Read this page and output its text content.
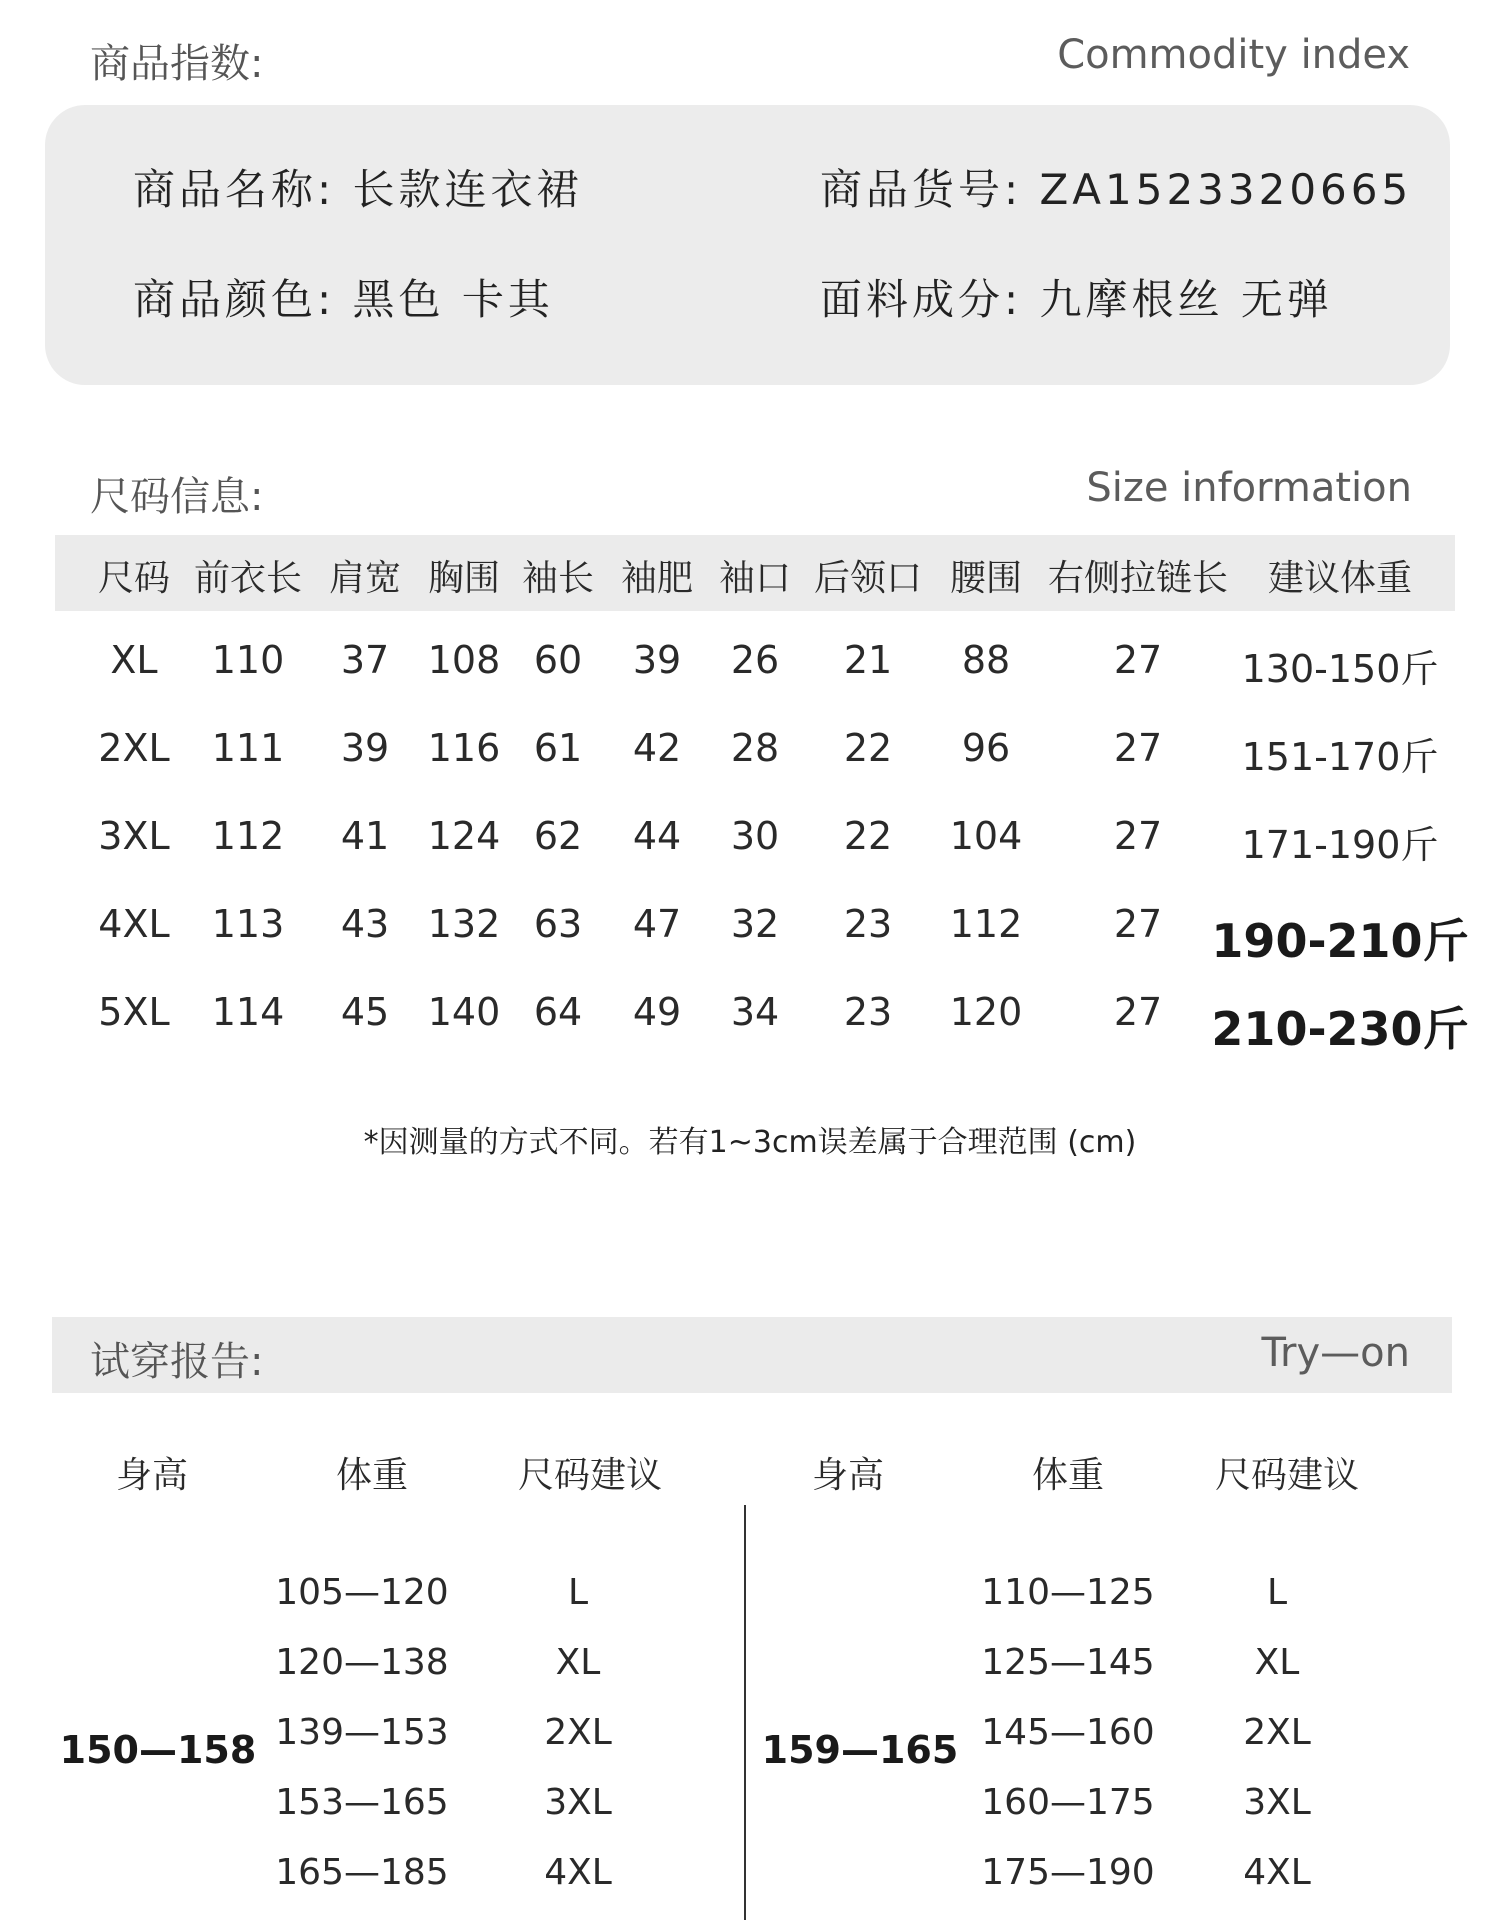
商品指数:	Commodity index
商品名称: 长款连衣裙	商品货号: ZA1523320665
商品颜色: 黑色 卡其	面料成分: 九摩根丝 无弹
尺码信息:	Size information
尺码 前衣长 肩宽 胸围 袖长 袖肥 袖口 后领口 腰围 右侧拉链长 建议体重
XL 110 37 108 60 39 26 21 88	27 130-150斤
2XL 111 39 116 61 42 28 22 96	27 151-170斤
3XL 112 41 124 62 44 30 22 104 27 171-190斤
4XL 113 43 132 63 47 32 23 112 27 190-210斤
5XL 114 45 140 64 49 34 23 120 27 210-230斤
*因测量的方式不同。若有1~3cm误差属于合理范围 (cm)
试穿报告:	Try—on
身高	体重	尺码建议	身高	体重	尺码建议
150—158
105—120	L
120—138	XL
139—153	2XL
153—165	3XL
165—185	4XL
159—165
110—125	L
125—145	XL
145—160 2XL
160—175 3XL
175—190 4XL
